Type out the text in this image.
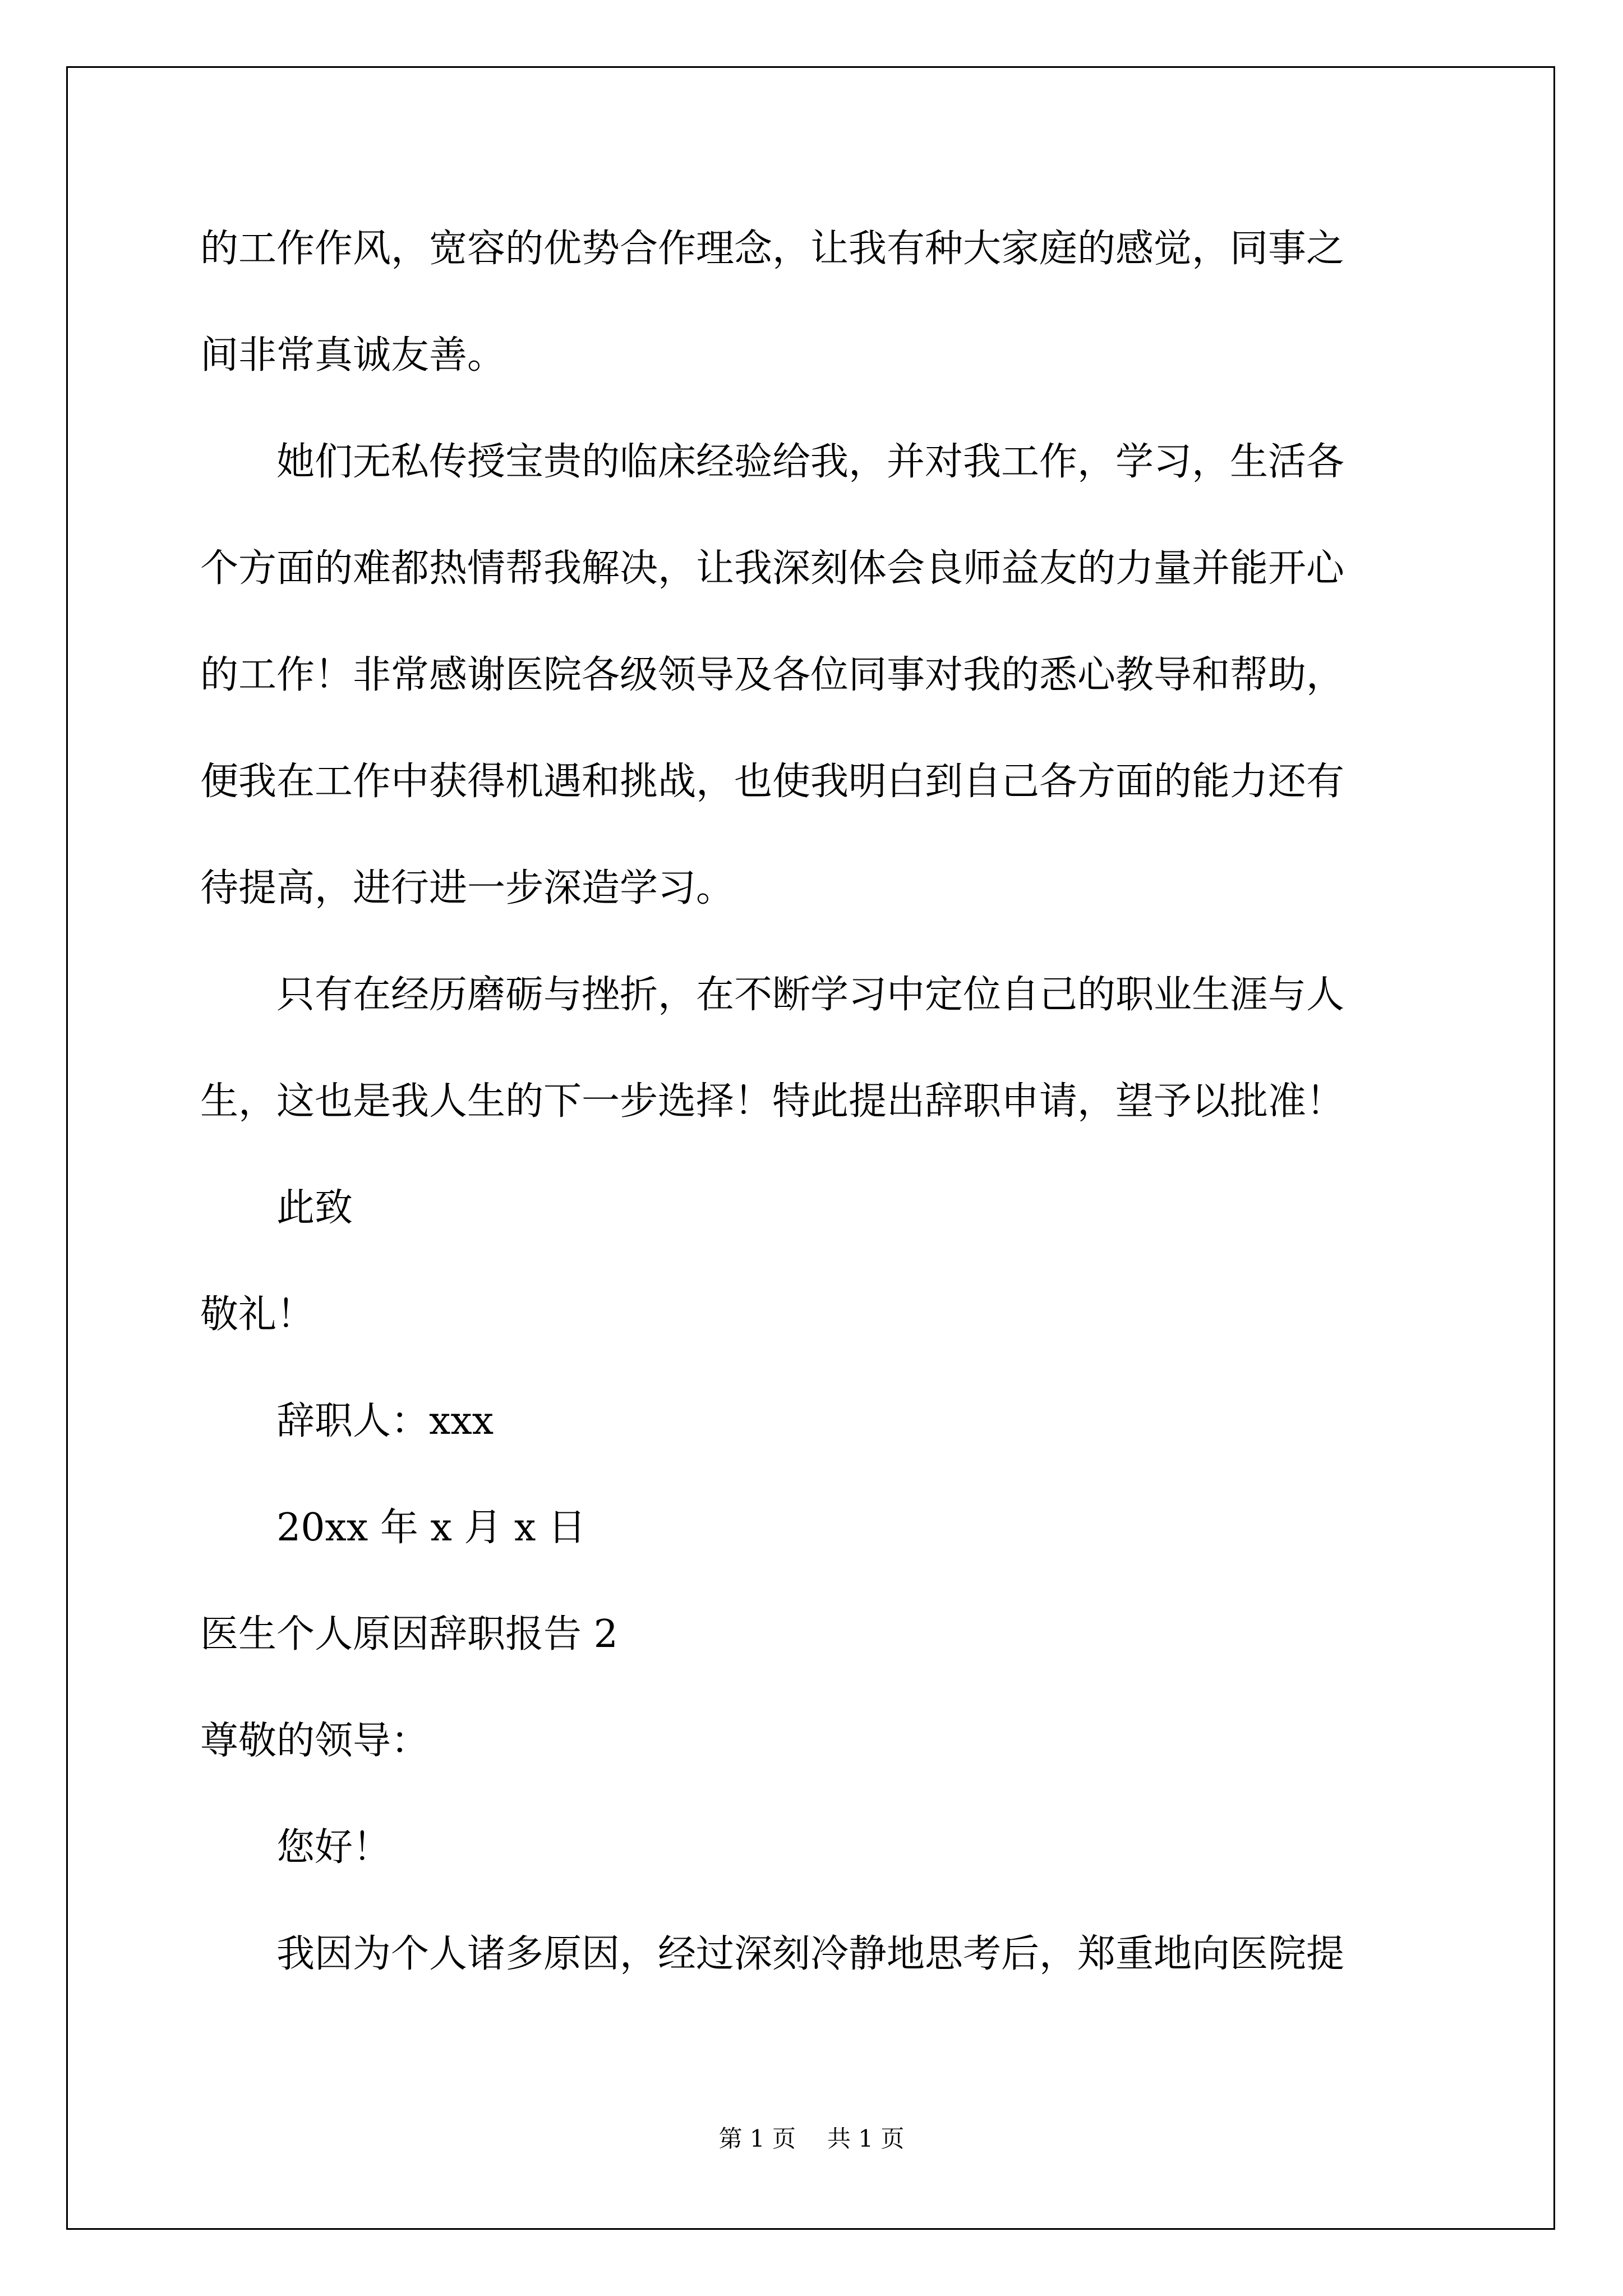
的工作作风，宽容的优势合作理念，让我有种大家庭的感觉，同事之
间非常真诚友善。
　　她们无私传授宝贵的临床经验给我，并对我工作，学习，生活各
个方面的难都热情帮我解决，让我深刻体会良师益友的力量并能开心
的工作！非常感谢医院各级领导及各位同事对我的悉心教导和帮助，
便我在工作中获得机遇和挑战，也使我明白到自己各方面的能力还有
待提高，进行进一步深造学习。
　　只有在经历磨砺与挫折，在不断学习中定位自己的职业生涯与人
生，这也是我人生的下一步选择！特此提出辞职申请，望予以批准！
　　此致
敬礼！
　　辞职人：xxx
　　20xx 年 x 月 x 日
医生个人原因辞职报告 2
尊敬的领导：
　　您好！
　　我因为个人诸多原因，经过深刻冷静地思考后，郑重地向医院提
第 1 页 共 1 页
